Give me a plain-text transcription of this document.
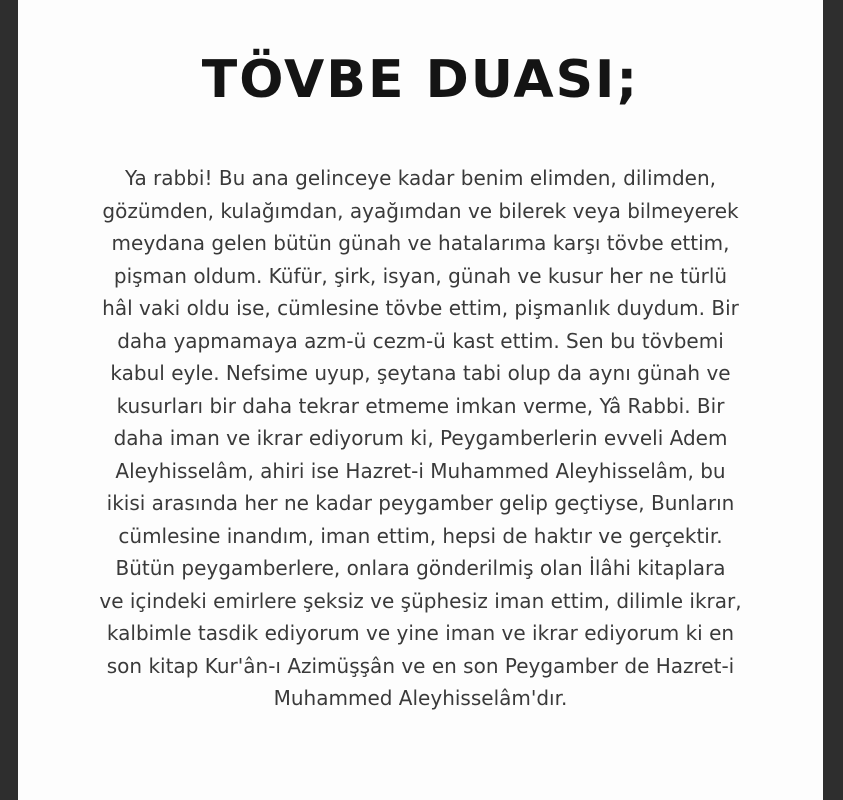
TÖVBE DUASI;

Ya rabbi! Bu ana gelinceye kadar benim elimden, dilimden,
gözümden, kulağımdan, ayağımdan ve bilerek veya bilmeyerek
meydana gelen bütün günah ve hatalarıma karşı tövbe ettim,
pişman oldum. Küfür, şirk, isyan, günah ve kusur her ne türlü
hâl vaki oldu ise, cümlesine tövbe ettim, pişmanlık duydum. Bir
daha yapmamaya azm-ü cezm-ü kast ettim. Sen bu tövbemi
kabul eyle. Nefsime uyup, şeytana tabi olup da aynı günah ve
kusurları bir daha tekrar etmeme imkan verme, Yâ Rabbi. Bir
daha iman ve ikrar ediyorum ki, Peygamberlerin evveli Adem
Aleyhisselâm, ahiri ise Hazret-i Muhammed Aleyhisselâm, bu
ikisi arasında her ne kadar peygamber gelip geçtiyse, Bunların
cümlesine inandım, iman ettim, hepsi de haktır ve gerçektir.
Bütün peygamberlere, onlara gönderilmiş olan İlâhi kitaplara
ve içindeki emirlere şeksiz ve şüphesiz iman ettim, dilimle ikrar,
kalbimle tasdik ediyorum ve yine iman ve ikrar ediyorum ki en
son kitap Kur'ân-ı Azimüşşân ve en son Peygamber de Hazret-i
Muhammed Aleyhisselâm'dır.
